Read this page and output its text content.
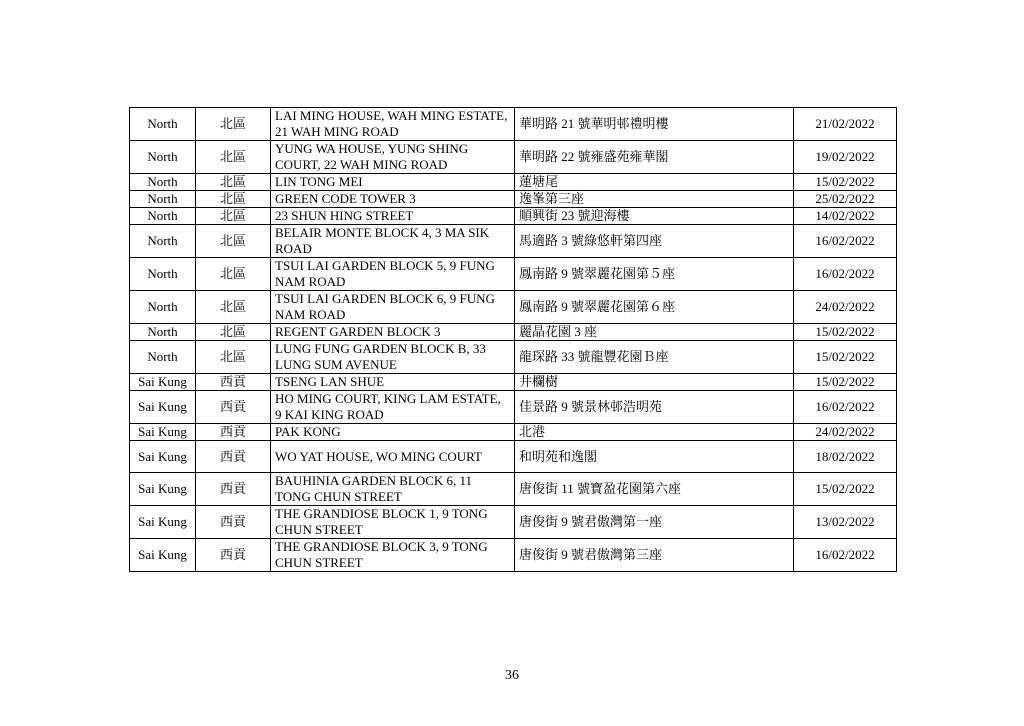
North	北區	LAI MING HOUSE, WAH MING ESTATE, 21 WAH MING ROAD	華明路 21 號華明邨禮明樓	21/02/2022
North	北區	YUNG WA HOUSE, YUNG SHING COURT, 22 WAH MING ROAD	華明路 22 號雍盛苑雍華閣	19/02/2022
North	北區	LIN TONG MEI	蓮塘尾	15/02/2022
North	北區	GREEN CODE TOWER 3	逸峯第三座	25/02/2022
North	北區	23 SHUN HING STREET	順興街 23 號迎海樓	14/02/2022
North	北區	BELAIR MONTE BLOCK 4, 3 MA SIK ROAD	馬適路 3 號綠悠軒第四座	16/02/2022
North	北區	TSUI LAI GARDEN BLOCK 5, 9 FUNG NAM ROAD	鳳南路 9 號翠麗花園第５座	16/02/2022
North	北區	TSUI LAI GARDEN BLOCK 6, 9 FUNG NAM ROAD	鳳南路 9 號翠麗花園第６座	24/02/2022
North	北區	REGENT GARDEN BLOCK 3	麗晶花園 3 座	15/02/2022
North	北區	LUNG FUNG GARDEN BLOCK B, 33 LUNG SUM AVENUE	龍琛路 33 號龍豐花園Ｂ座	15/02/2022
Sai Kung	西貢	TSENG LAN SHUE	井欄樹	15/02/2022
Sai Kung	西貢	HO MING COURT, KING LAM ESTATE, 9 KAI KING ROAD	佳景路 9 號景林邨浩明苑	16/02/2022
Sai Kung	西貢	PAK KONG	北港	24/02/2022
Sai Kung	西貢	WO YAT HOUSE, WO MING COURT	和明苑和逸閣	18/02/2022
Sai Kung	西貢	BAUHINIA GARDEN BLOCK 6, 11 TONG CHUN STREET	唐俊街 11 號寶盈花園第六座	15/02/2022
Sai Kung	西貢	THE GRANDIOSE BLOCK 1, 9 TONG CHUN STREET	唐俊街 9 號君傲灣第一座	13/02/2022
Sai Kung	西貢	THE GRANDIOSE BLOCK 3, 9 TONG CHUN STREET	唐俊街 9 號君傲灣第三座	16/02/2022
36
